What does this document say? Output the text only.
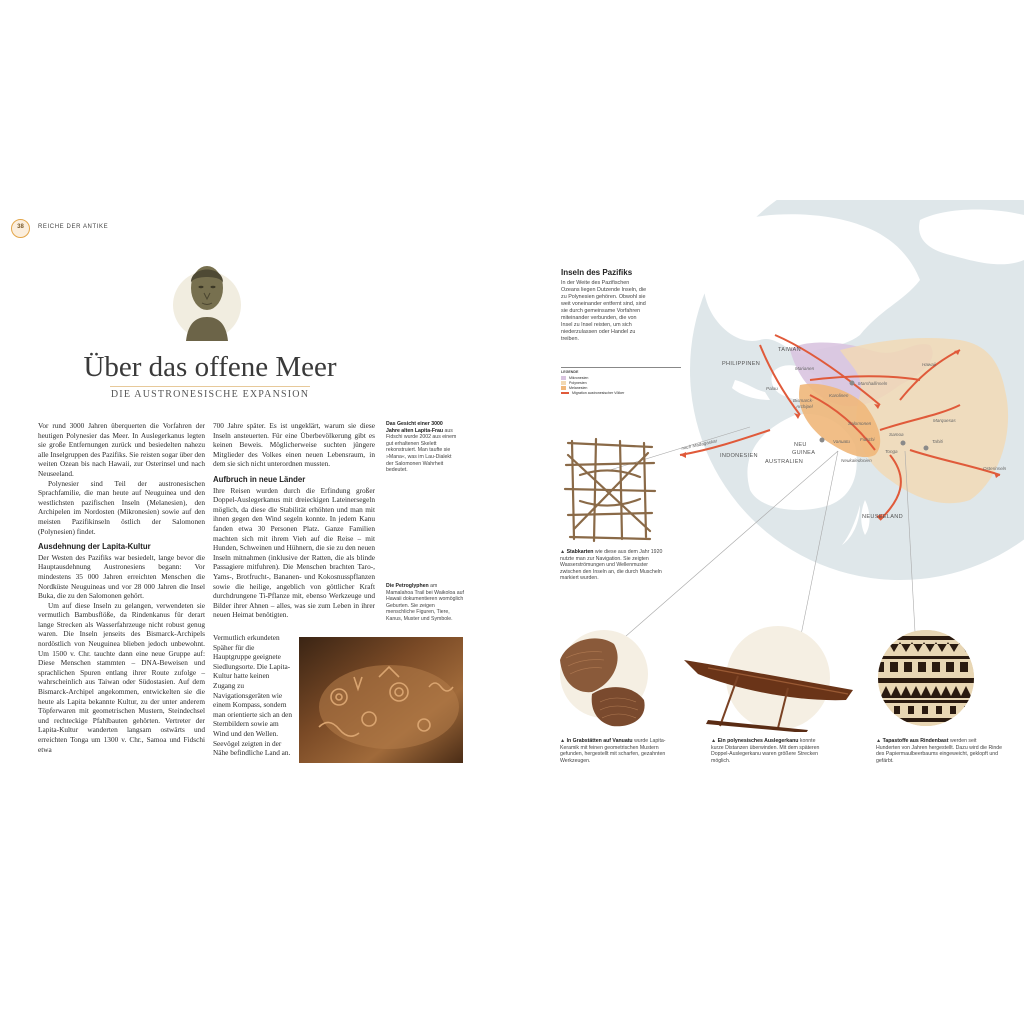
38	REICHE DER ANTIKE
Über das offene Meer
DIE AUSTRONESISCHE EXPANSION

Vor rund 3000 Jahren überquerten die Vorfahren der heutigen Polynesier das Meer. In Auslegerkanus legten sie große Entfernungen zurück und besiedelten nahezu alle Inselgruppen des Pazifiks. Sie reisten sogar über den weiten Ozean bis nach Hawaii, zur Osterinsel und nach Neuseeland.

Polynesier sind Teil der austronesischen Sprachfamilie, die man heute auf Neuguinea und den westlichsten pazifischen Inseln (Melanesien), den Archipelen im Nordosten (Mikronesien) sowie auf den meisten Pazifikinseln östlich der Salomonen (Polynesien) findet.

Ausdehnung der Lapita-Kultur

Der Westen des Pazifiks war besiedelt, lange bevor die Hauptausdehnung Austronesiens begann: Vor mindestens 35 000 Jahren erreichten Menschen die Nordküste Neuguineas und vor 28 000 Jahren die Insel Buka, die zu den Salomonen gehört.

Um auf diese Inseln zu gelangen, verwendeten sie vermutlich Bambusflöße, da Rindenkanus für derart lange Strecken als Wasserfahrzeuge nicht robust genug waren. Die Inseln jenseits des Bismarck-Archipels nordöstlich von Neuguinea blieben jedoch unbewohnt. Um 1500 v. Chr. tauchte dann eine neue Gruppe auf: Diese Menschen stammten – DNA-Beweisen und sprachlichen Spuren entlang ihrer Route zufolge – wahrscheinlich aus Taiwan oder Südostasien. Auf dem Bismarck-Archipel angekommen, entwickelten sie die heute als Lapita bekannte Kultur, zu der unter anderem Töpferwaren mit geometrischen Mustern, Steindechsel und rechteckige Pfahlbauten gehörten. Vertreter der Lapita-Kultur wanderten langsam ostwärts und erreichten Tonga um 1300 v. Chr., Samoa und Fidschi etwa

700 Jahre später. Es ist ungeklärt, warum sie diese Inseln ansteuerten. Für eine Überbevölkerung gibt es keinen Beweis. Möglicherweise suchten jüngere Mitglieder des Volkes einen neuen Lebensraum, in dem sie sich nicht unterordnen mussten.

Aufbruch in neue Länder

Ihre Reisen wurden durch die Erfindung großer Doppel-Auslegerkanus mit dreieckigen Lateinersegeln möglich, da diese die Stabilität erhöhten und man mit ihnen gegen den Wind segeln konnte. In jedem Kanu fanden etwa 30 Personen Platz. Ganze Familien machten sich mit ihrem Vieh auf die Reise – mit Hunden, Schweinen und Hühnern, die sie zu den neuen Inseln mitnahmen (inklusive der Ratten, die als blinde Passagiere mitfuhren). Die Menschen brachten Taro-, Yams-, Brotfrucht-, Bananen- und Kokosnusspflanzen sowie die heilige, angeblich von göttlicher Kraft durchdrungene Ti-Pflanze mit, ebenso Werkzeuge und Bilder ihrer Ahnen – alles, was sie zum Leben in ihrer neuen Heimat benötigten.

Vermutlich erkundeten Späher für die Hauptgruppe geeignete Siedlungsorte. Die Lapita-Kultur hatte keinen Zugang zu Navigationsgeräten wie einem Kompass, sondern man orientierte sich an den Sternbildern sowie am Wind und den Wellen. Seevögel zeigten in der Nähe befindliche Land an.

Das Gesicht einer 3000 Jahre alten Lapita-Frau aus Fidschi wurde 2002 aus einem gut erhaltenen Skelett rekonstruiert. Man taufte sie »Mana«, was im Lau-Dialekt der Salomonen Wahrheit bedeutet.
Die Petroglyphen am Mamalahoa Trail bei Waikoloa auf Hawaii dokumentieren womöglich Geburten. Sie zeigen menschliche Figuren, Tiere, Kanus, Muster und Symbole.
Inseln des Pazifiks
In der Weite des Pazifischen Ozeans liegen Dutzende Inseln, die zu Polynesien gehören. Obwohl sie weit voneinander entfernt sind, sind sie durch gemeinsame Vorfahren miteinander verbunden, die von Insel zu Insel reisten, um sich niederzulassen oder Handel zu treiben.
LEGENDE
Mikronesien
Polynesien
Melanesien
Migration austronesischer Völker
TAIWAN
PHILIPPINEN
INDONESIEN
NEU
GUINEA
AUSTRALIEN
NEUSEELAND
Marianen
Marshallinseln
Palau
Karolinen
Bismarck-
Archipel
Hawaii
Salomonen
Vanuatu Fidschi
Samoa
Tahiti
Marquesas
Tonga
Neukaledonien
Osterinseln
nach Madagaskar
▲ Stabkarten wie diese aus dem Jahr 1920 nutzte man zur Navigation. Sie zeigten Wasserströmungen und Wellenmuster zwischen den Inseln an, die durch Muscheln markiert wurden.
▲ In Grabstätten auf Vanuatu wurde Lapita-Keramik mit feinen geometrischen Mustern gefunden, hergestellt mit scharfen, gezahnten Werkzeugen.
▲ Ein polynesisches Auslegerkanu konnte kurze Distanzen überwinden. Mit dem späteren Doppel-Auslegerkanu waren größere Strecken möglich.
▲ Tapastoffe aus Rindenbast werden seit Hunderten von Jahren hergestellt. Dazu wird die Rinde des Papiermaulbeerbaums eingeweicht, geklopft und gefärbt.
